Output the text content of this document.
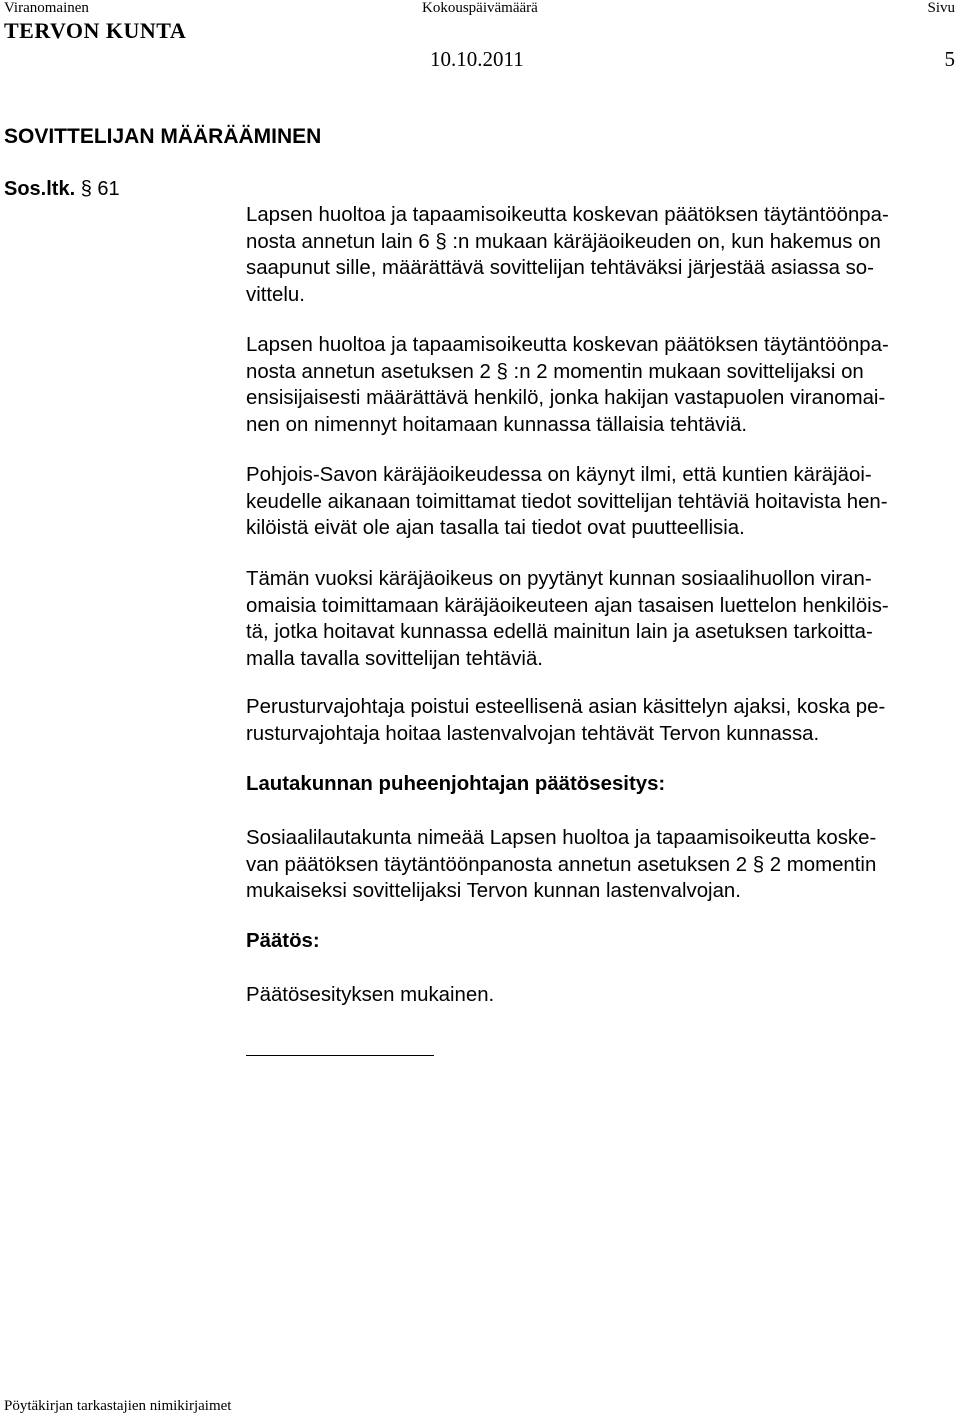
Viranomainen	Kokouspäivämäärä	Sivu
TERVON KUNTA
10.10.2011	5
SOVITTELIJAN MÄÄRÄÄMINEN
Sos.ltk. § 61
Lapsen huoltoa ja tapaamisoikeutta koskevan päätöksen täytäntöönpa-
nosta annetun lain 6 § :n mukaan käräjäoikeuden on, kun hakemus on
saapunut sille, määrättävä sovittelijan tehtäväksi järjestää asiassa so-
vittelu.
Lapsen huoltoa ja tapaamisoikeutta koskevan päätöksen täytäntöönpa-
nosta annetun asetuksen 2 § :n 2 momentin mukaan sovittelijaksi on
ensisijaisesti määrättävä henkilö, jonka hakijan vastapuolen viranomai-
nen on nimennyt hoitamaan kunnassa tällaisia tehtäviä.
Pohjois-Savon käräjäoikeudessa on käynyt ilmi, että kuntien käräjäoi-
keudelle aikanaan toimittamat tiedot sovittelijan tehtäviä hoitavista hen-
kilöistä eivät ole ajan tasalla tai tiedot ovat puutteellisia.
Tämän vuoksi käräjäoikeus on pyytänyt kunnan sosiaalihuollon viran-
omaisia toimittamaan käräjäoikeuteen ajan tasaisen luettelon henkilöis-
tä, jotka hoitavat kunnassa edellä mainitun lain ja asetuksen tarkoitta-
malla tavalla sovittelijan tehtäviä.
Perusturvajohtaja poistui esteellisenä asian käsittelyn ajaksi, koska pe-
rusturvajohtaja hoitaa lastenvalvojan tehtävät Tervon kunnassa.
Lautakunnan puheenjohtajan päätösesitys:
Sosiaalilautakunta nimeää Lapsen huoltoa ja tapaamisoikeutta koske-
van päätöksen täytäntöönpanosta annetun asetuksen 2 § 2 momentin
mukaiseksi sovittelijaksi Tervon kunnan lastenvalvojan.
Päätös:
Päätösesityksen mukainen.
Pöytäkirjan tarkastajien nimikirjaimet
